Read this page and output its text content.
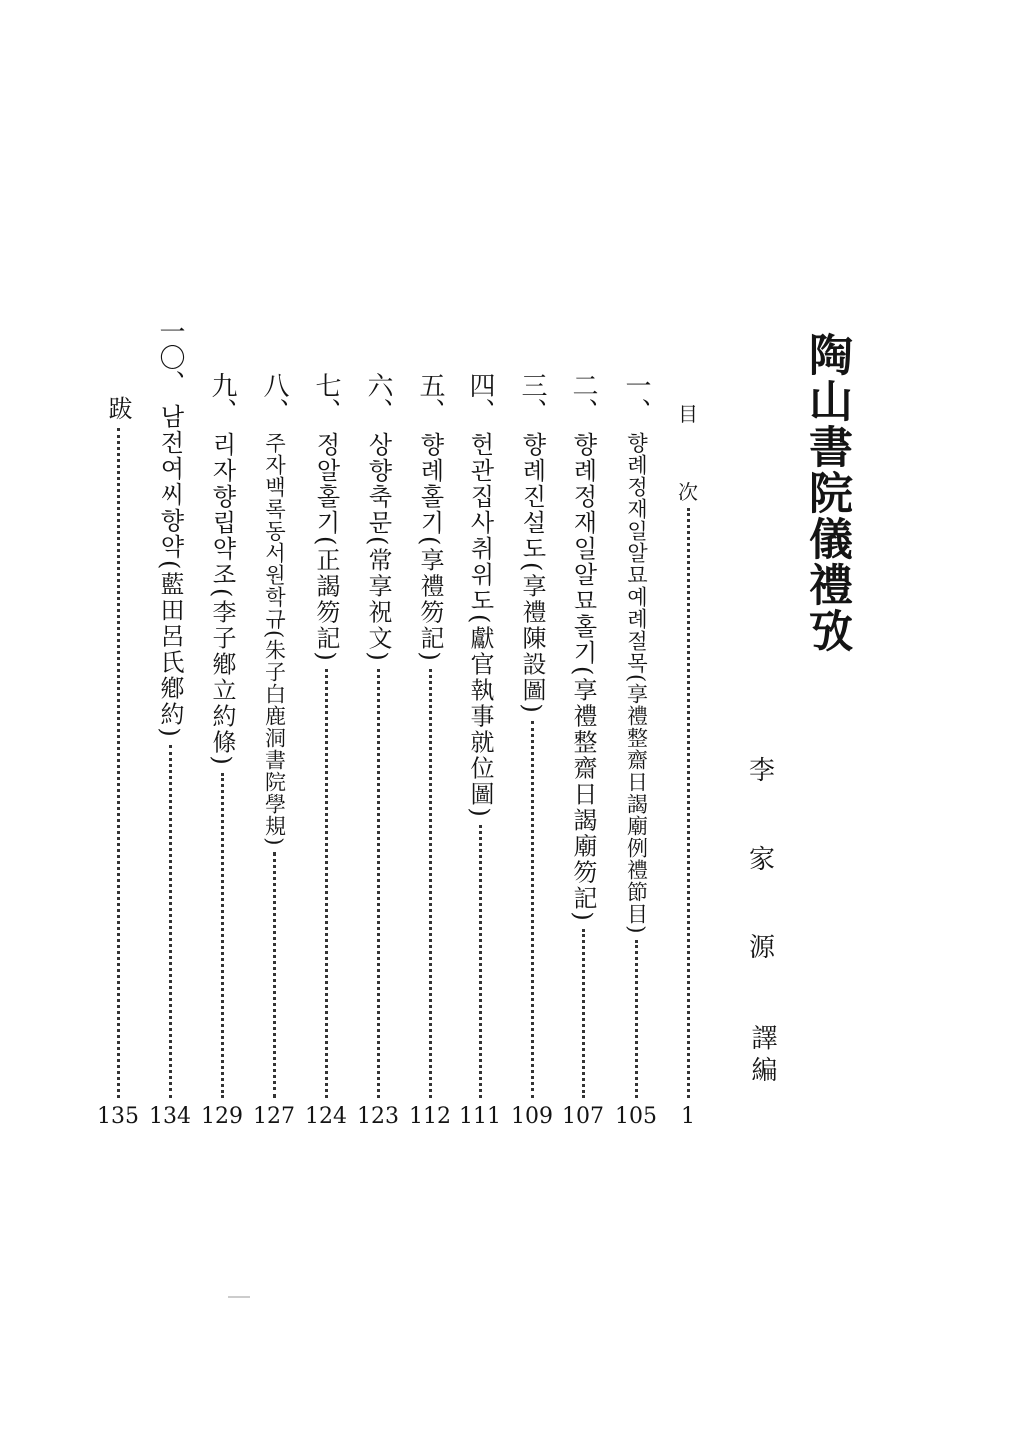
陶山書院儀禮攷
李
家
源
譯編
目
次
1
一、
향례정재일알묘예례절목(享禮整齋日謁廟例禮節目)
105
二、
향례정재일알묘홀기(享禮整齋日謁廟笏記)
107
三、
향례진설도(享禮陳設圖)
109
四、
헌관집사취위도(獻官執事就位圖)
111
五、
향례홀기(享禮笏記)
112
六、
상향축문(常享祝文)
123
七、
정알홀기(正謁笏記)
124
八、
주자백록동서원학규(朱子白鹿洞書院學規)
127
九、
리자향립약조(李子鄕立約條)
129
一〇、
남전여씨향약(藍田呂氏鄕約)
134
跋
135
